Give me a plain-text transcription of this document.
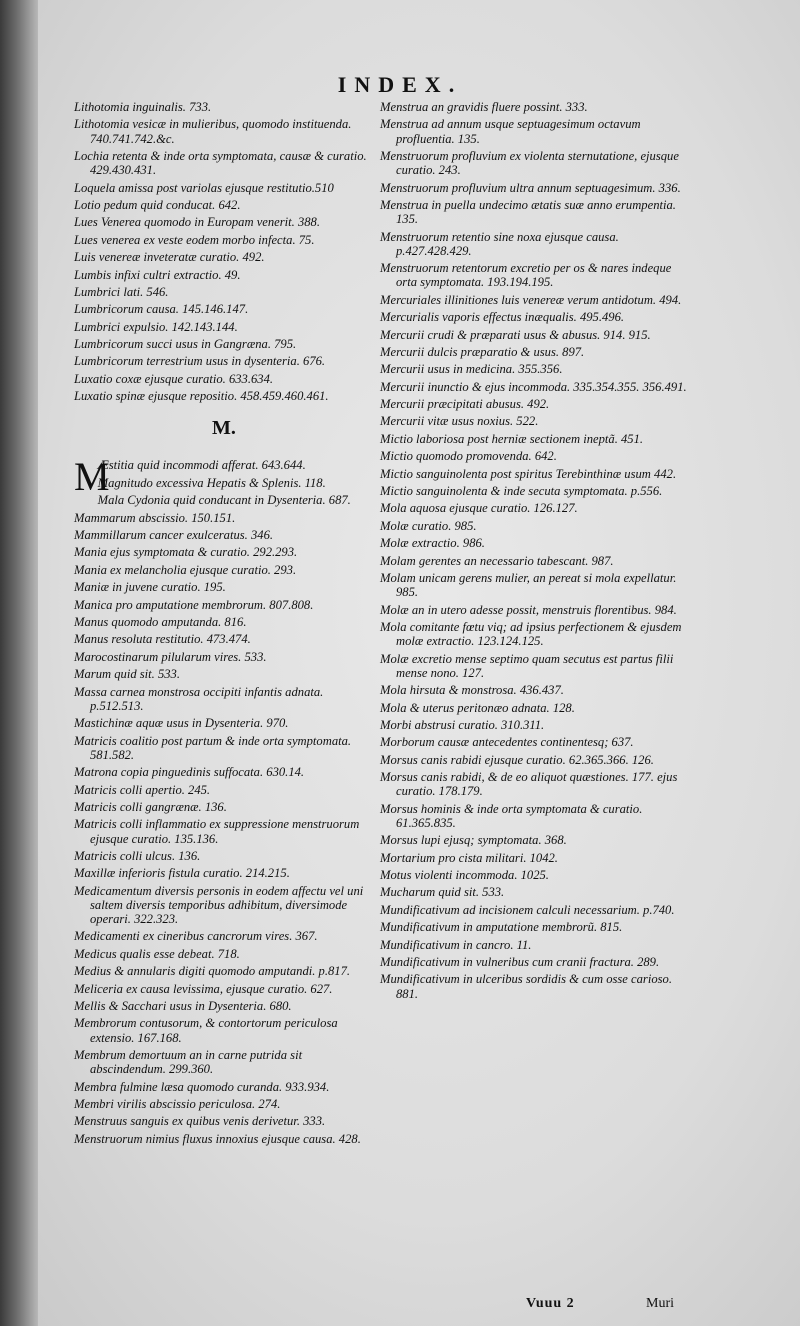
INDEX.
Lithotomia inguinalis. 733.
Lithotomia vesicæ in mulieribus, quomodo instituenda. 740.741.742.&c.
Lochia retenta & inde orta symptomata, causæ & curatio. 429.430.431.
Loquela amissa post variolas ejusque restitutio.510
Lotio pedum quid conducat. 642.
Lues Venerea quomodo in Europam venerit. 388.
Lues venerea ex veste eodem morbo infecta. 75.
Luis venereæ inveteratæ curatio. 492.
Lumbis infixi cultri extractio. 49.
Lumbrici lati. 546.
Lumbricorum causa. 145.146.147.
Lumbrici expulsio. 142.143.144.
Lumbricorum succi usus in Gangræna. 795.
Lumbricorum terrestrium usus in dysenteria. 676.
Luxatio coxæ ejusque curatio. 633.634.
Luxatio spinæ ejusque repositio. 458.459.460.461.
M.
M
Æstitia quid incommodi afferat. 643.644.
Magnitudo excessiva Hepatis & Splenis. 118.
Mala Cydonia quid conducant in Dysenteria. 687.
Mammarum abscissio. 150.151.
Mammillarum cancer exulceratus. 346.
Mania ejus symptomata & curatio. 292.293.
Mania ex melancholia ejusque curatio. 293.
Maniæ in juvene curatio. 195.
Manica pro amputatione membrorum. 807.808.
Manus quomodo amputanda. 816.
Manus resoluta restitutio. 473.474.
Marocostinarum pilularum vires. 533.
Marum quid sit. 533.
Massa carnea monstrosa occipiti infantis adnata. p.512.513.
Mastichinæ aquæ usus in Dysenteria. 970.
Matricis coalitio post partum & inde orta symptomata. 581.582.
Matrona copia pinguedinis suffocata. 630.14.
Matricis colli apertio. 245.
Matricis colli gangrænæ. 136.
Matricis colli inflammatio ex suppressione menstruorum ejusque curatio. 135.136.
Matricis colli ulcus. 136.
Maxillæ inferioris fistula curatio. 214.215.
Medicamentum diversis personis in eodem affectu vel uni saltem diversis temporibus adhibitum, diversimode operari. 322.323.
Medicamenti ex cineribus cancrorum vires. 367.
Medicus qualis esse debeat. 718.
Medius & annularis digiti quomodo amputandi. p.817.
Meliceria ex causa levissima, ejusque curatio. 627.
Mellis & Sacchari usus in Dysenteria. 680.
Membrorum contusorum, & contortorum periculosa extensio. 167.168.
Membrum demortuum an in carne putrida sit abscindendum. 299.360.
Membra fulmine læsa quomodo curanda. 933.934.
Membri virilis abscissio periculosa. 274.
Menstruus sanguis ex quibus venis derivetur. 333.
Menstruorum nimius fluxus innoxius ejusque causa. 428.
Menstrua an gravidis fluere possint. 333.
Menstrua ad annum usque septuagesimum octavum profluentia. 135.
Menstruorum profluvium ex violenta sternutatione, ejusque curatio. 243.
Menstruorum profluvium ultra annum septuagesimum. 336.
Menstrua in puella undecimo ætatis suæ anno erumpentia. 135.
Menstruorum retentio sine noxa ejusque causa. p.427.428.429.
Menstruorum retentorum excretio per os & nares indeque orta symptomata. 193.194.195.
Mercuriales illinitiones luis venereæ verum antidotum. 494.
Mercurialis vaporis effectus inæqualis. 495.496.
Mercurii crudi & præparati usus & abusus. 914. 915.
Mercurii dulcis præparatio & usus. 897.
Mercurii usus in medicina. 355.356.
Mercurii inunctio & ejus incommoda. 335.354.355. 356.491.
Mercurii præcipitati abusus. 492.
Mercurii vitæ usus noxius. 522.
Mictio laboriosa post herniæ sectionem ineptã. 451.
Mictio quomodo promovenda. 642.
Mictio sanguinolenta post spiritus Terebinthinæ usum 442.
Mictio sanguinolenta & inde secuta symptomata. p.556.
Mola aquosa ejusque curatio. 126.127.
Molæ curatio. 985.
Molæ extractio. 986.
Molam gerentes an necessario tabescant. 987.
Molam unicam gerens mulier, an pereat si mola expellatur. 985.
Molæ an in utero adesse possit, menstruis florentibus. 984.
Mola comitante fœtu viq; ad ipsius perfectionem & ejusdem molæ extractio. 123.124.125.
Molæ excretio mense septimo quam secutus est partus filii mense nono. 127.
Mola hirsuta & monstrosa. 436.437.
Mola & uterus peritonæo adnata. 128.
Morbi abstrusi curatio. 310.311.
Morborum causæ antecedentes continentesq; 637.
Morsus canis rabidi ejusque curatio. 62.365.366. 126.
Morsus canis rabidi, & de eo aliquot quæstiones. 177. ejus curatio. 178.179.
Morsus hominis & inde orta symptomata & curatio. 61.365.835.
Morsus lupi ejusq; symptomata. 368.
Mortarium pro cista militari. 1042.
Motus violenti incommoda. 1025.
Mucharum quid sit. 533.
Mundificativum ad incisionem calculi necessarium. p.740.
Mundificativum in amputatione membrorũ. 815.
Mundificativum in cancro. 11.
Mundificativum in vulneribus cum cranii fractura. 289.
Mundificativum in ulceribus sordidis & cum osse carioso. 881.
Vuuu 2	Muri
